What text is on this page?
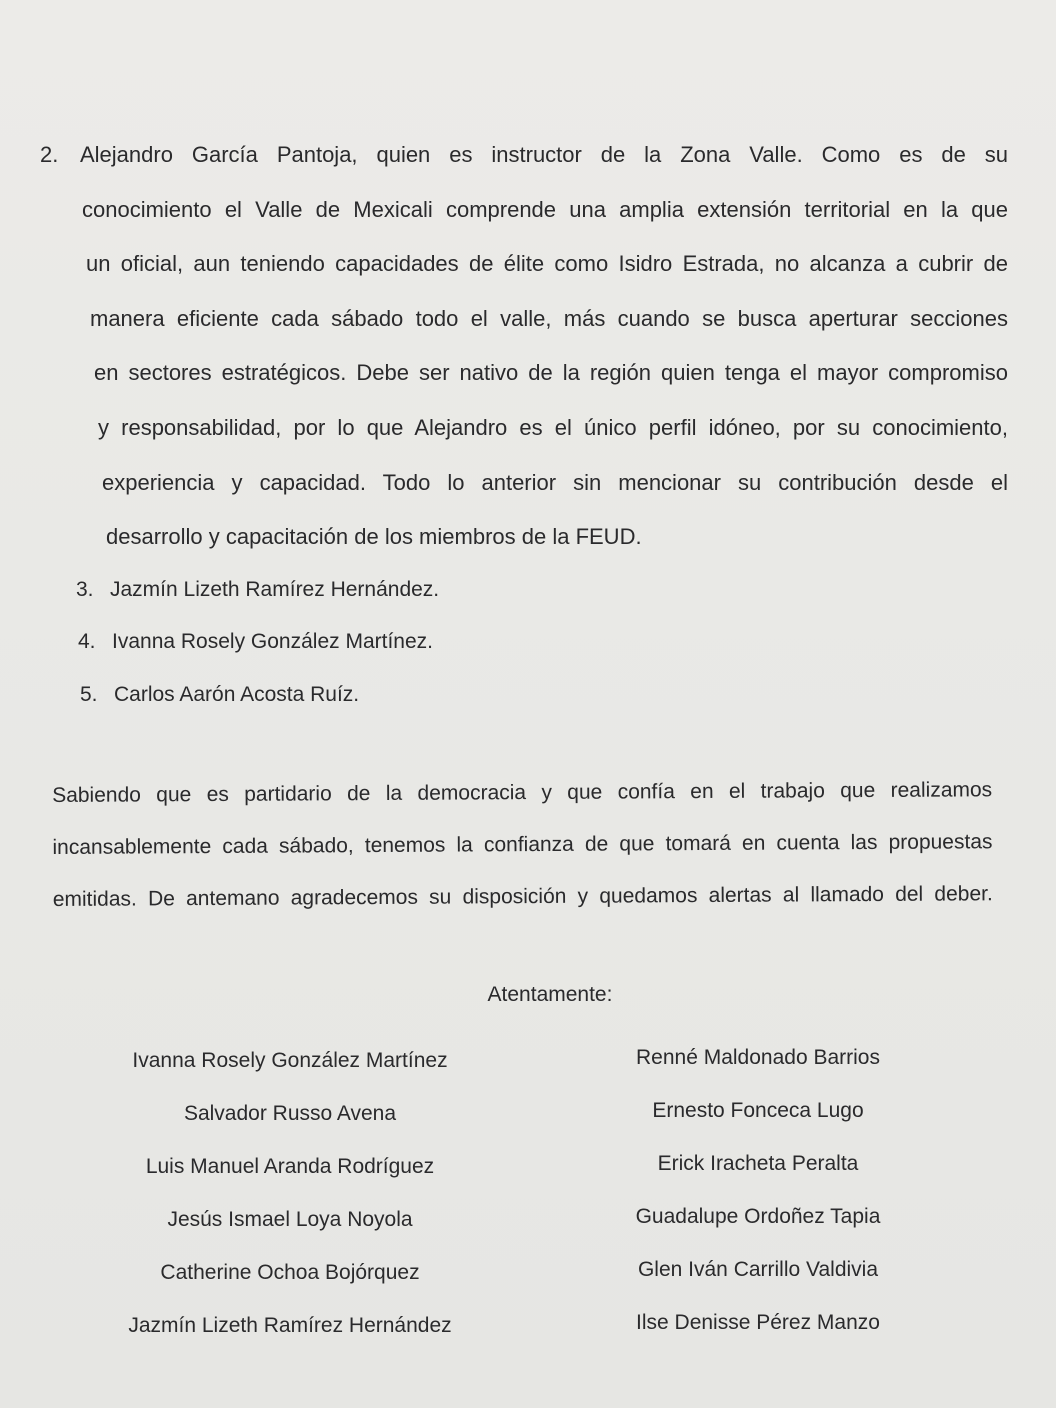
2. Alejandro García Pantoja, quien es instructor de la Zona Valle. Como es de su
conocimiento el Valle de Mexicali comprende una amplia extensión territorial en la que
un oficial, aun teniendo capacidades de élite como Isidro Estrada, no alcanza a cubrir de
manera eficiente cada sábado todo el valle, más cuando se busca aperturar secciones
en sectores estratégicos. Debe ser nativo de la región quien tenga el mayor compromiso
y responsabilidad, por lo que Alejandro es el único perfil idóneo, por su conocimiento,
experiencia y capacidad. Todo lo anterior sin mencionar su contribución desde el
desarrollo y capacitación de los miembros de la FEUD.
3. Jazmín Lizeth Ramírez Hernández.
4. Ivanna Rosely González Martínez.
5. Carlos Aarón Acosta Ruíz.
Sabiendo que es partidario de la democracia y que confía en el trabajo que realizamos
incansablemente cada sábado, tenemos la confianza de que tomará en cuenta las propuestas
emitidas. De antemano agradecemos su disposición y quedamos alertas al llamado del deber.
Atentamente:
Ivanna Rosely González Martínez
Salvador Russo Avena
Luis Manuel Aranda Rodríguez
Jesús Ismael Loya Noyola
Catherine Ochoa Bojórquez
Jazmín Lizeth Ramírez Hernández
Renné Maldonado Barrios
Ernesto Fonceca Lugo
Erick Iracheta Peralta
Guadalupe Ordoñez Tapia
Glen Iván Carrillo Valdivia
Ilse Denisse Pérez Manzo
